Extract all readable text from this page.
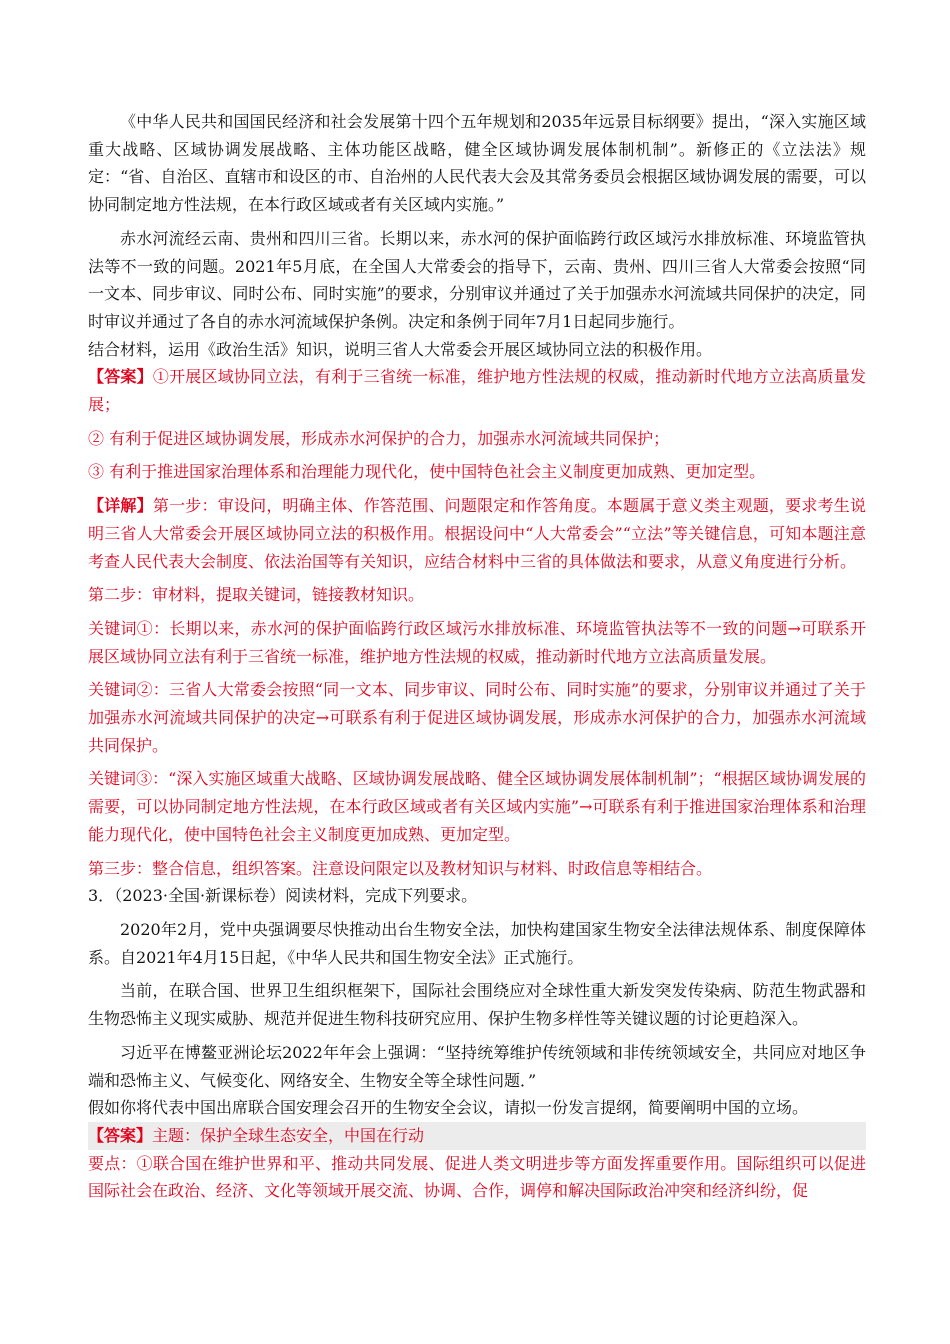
《中华人民共和国国民经济和社会发展第十四个五年规划和2035年远景目标纲要》提出，“深入实施区域重大战略、区域协调发展战略、主体功能区战略，健全区域协调发展体制机制”。新修正的《立法法》规定：“省、自治区、直辖市和设区的市、自治州的人民代表大会及其常务委员会根据区域协调发展的需要，可以协同制定地方性法规，在本行政区域或者有关区域内实施。”

赤水河流经云南、贵州和四川三省。长期以来，赤水河的保护面临跨行政区域污水排放标准、环境监管执法等不一致的问题。2021年5月底，在全国人大常委会的指导下，云南、贵州、四川三省人大常委会按照“同一文本、同步审议、同时公布、同时实施”的要求，分别审议并通过了关于加强赤水河流域共同保护的决定，同时审议并通过了各自的赤水河流域保护条例。决定和条例于同年7月1日起同步施行。

结合材料，运用《政治生活》知识，说明三省人大常委会开展区域协同立法的积极作用。

【答案】①开展区域协同立法，有利于三省统一标准，维护地方性法规的权威，推动新时代地方立法高质量发展；

② 有利于促进区域协调发展，形成赤水河保护的合力，加强赤水河流域共同保护；

③ 有利于推进国家治理体系和治理能力现代化，使中国特色社会主义制度更加成熟、更加定型。

【详解】第一步：审设问，明确主体、作答范围、问题限定和作答角度。本题属于意义类主观题，要求考生说明三省人大常委会开展区域协同立法的积极作用。根据设问中“人大常委会”“立法”等关键信息，可知本题注意考查人民代表大会制度、依法治国等有关知识，应结合材料中三省的具体做法和要求，从意义角度进行分析。

第二步：审材料，提取关键词，链接教材知识。

关键词①：长期以来，赤水河的保护面临跨行政区域污水排放标准、环境监管执法等不一致的问题→可联系开展区域协同立法有利于三省统一标准，维护地方性法规的权威，推动新时代地方立法高质量发展。

关键词②：三省人大常委会按照“同一文本、同步审议、同时公布、同时实施”的要求，分别审议并通过了关于加强赤水河流域共同保护的决定→可联系有利于促进区域协调发展，形成赤水河保护的合力，加强赤水河流域共同保护。

关键词③：“深入实施区域重大战略、区域协调发展战略、健全区域协调发展体制机制”；“根据区域协调发展的需要，可以协同制定地方性法规，在本行政区域或者有关区域内实施”→可联系有利于推进国家治理体系和治理能力现代化，使中国特色社会主义制度更加成熟、更加定型。

第三步：整合信息，组织答案。注意设问限定以及教材知识与材料、时政信息等相结合。

3．（2023·全国·新课标卷）阅读材料，完成下列要求。

2020年2月，党中央强调要尽快推动出台生物安全法，加快构建国家生物安全法律法规体系、制度保障体系。自2021年4月15日起，《中华人民共和国生物安全法》正式施行。

当前，在联合国、世界卫生组织框架下，国际社会围绕应对全球性重大新发突发传染病、防范生物武器和生物恐怖主义现实威胁、规范并促进生物科技研究应用、保护生物多样性等关键议题的讨论更趋深入。

习近平在博鳌亚洲论坛2022年年会上强调：“坚持统筹维护传统领域和非传统领域安全，共同应对地区争端和恐怖主义、气候变化、网络安全、生物安全等全球性问题．”

假如你将代表中国出席联合国安理会召开的生物安全会议，请拟一份发言提纲，简要阐明中国的立场。

【答案】主题：保护全球生态安全，中国在行动

要点：①联合国在维护世界和平、推动共同发展、促进人类文明进步等方面发挥重要作用。国际组织可以促进国际社会在政治、经济、文化等领域开展交流、协调、合作，调停和解决国际政治冲突和经济纠纷，促
